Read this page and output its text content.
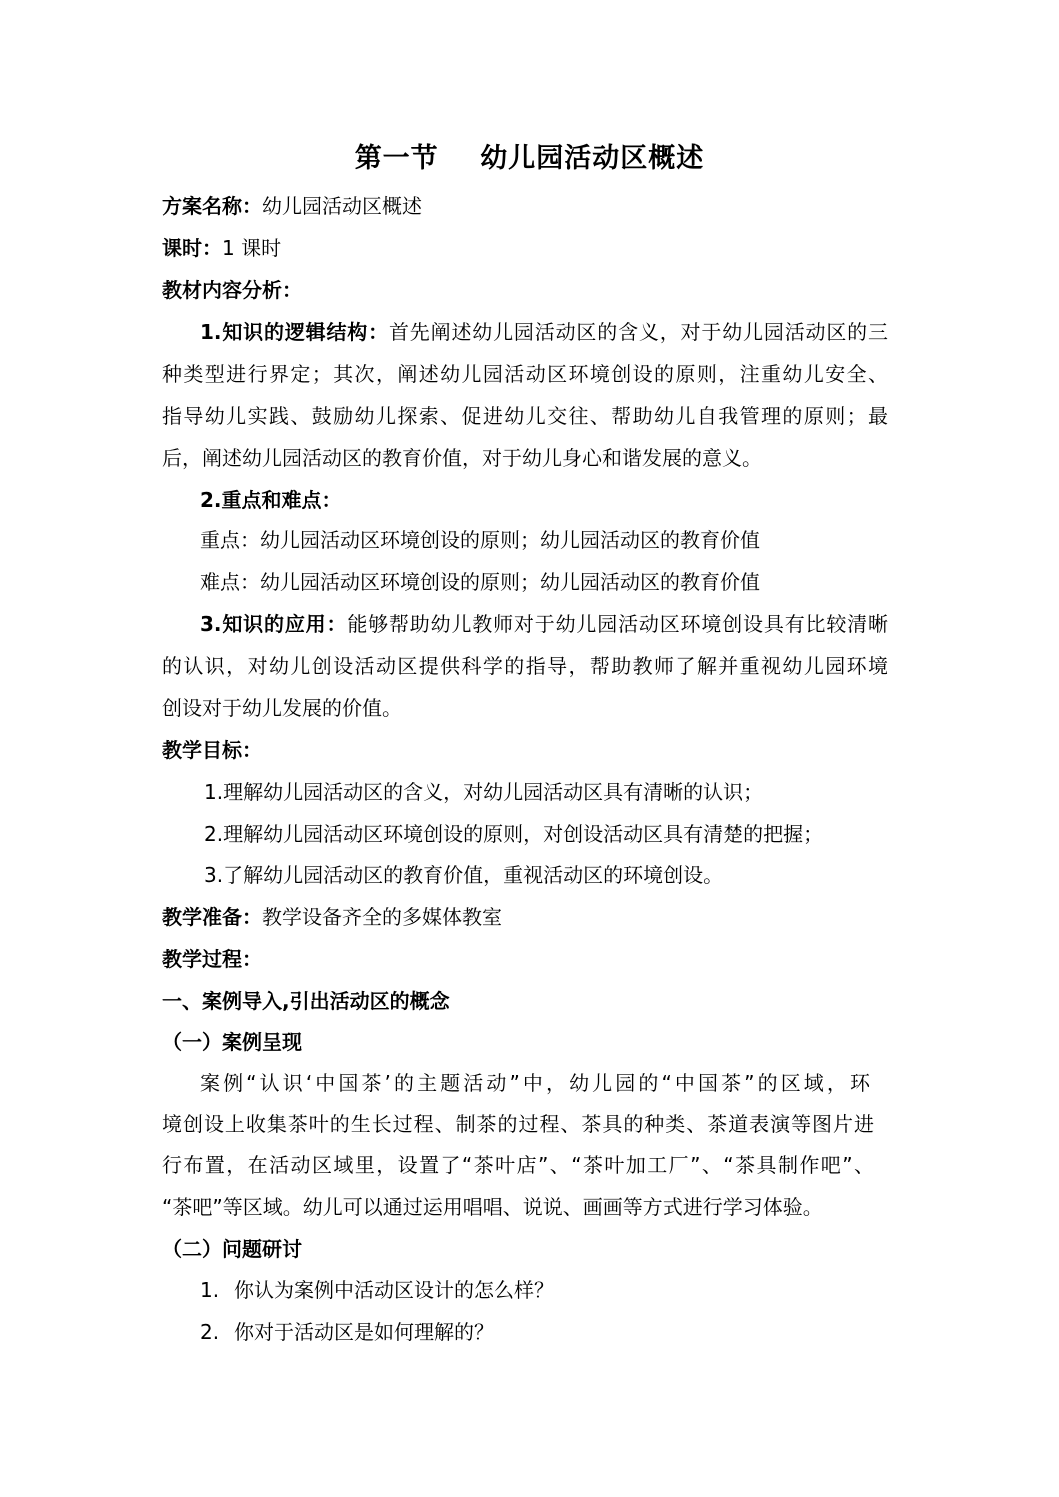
第一节    幼儿园活动区概述
方案名称：幼儿园活动区概述
课时：1 课时
教材内容分析：
1.知识的逻辑结构：首先阐述幼儿园活动区的含义，对于幼儿园活动区的三
种类型进行界定；其次，阐述幼儿园活动区环境创设的原则，注重幼儿安全、
指导幼儿实践、鼓励幼儿探索、促进幼儿交往、帮助幼儿自我管理的原则；最
后，阐述幼儿园活动区的教育价值，对于幼儿身心和谐发展的意义。
2.重点和难点：
重点：幼儿园活动区环境创设的原则；幼儿园活动区的教育价值
难点：幼儿园活动区环境创设的原则；幼儿园活动区的教育价值
3.知识的应用：能够帮助幼儿教师对于幼儿园活动区环境创设具有比较清晰
的认识，对幼儿创设活动区提供科学的指导，帮助教师了解并重视幼儿园环境
创设对于幼儿发展的价值。
教学目标：
1.理解幼儿园活动区的含义，对幼儿园活动区具有清晰的认识；
2.理解幼儿园活动区环境创设的原则，对创设活动区具有清楚的把握；
3.了解幼儿园活动区的教育价值，重视活动区的环境创设。
教学准备：教学设备齐全的多媒体教室
教学过程：
一、案例导入,引出活动区的概念
（一）案例呈现
案例“认识‘中国茶’的主题活动”中，幼儿园的“中国茶”的区域，环
境创设上收集茶叶的生长过程、制茶的过程、茶具的种类、茶道表演等图片进
行布置，在活动区域里，设置了“茶叶店”、“茶叶加工厂”、“茶具制作吧”、
“茶吧”等区域。幼儿可以通过运用唱唱、说说、画画等方式进行学习体验。
（二）问题研讨
1. 你认为案例中活动区设计的怎么样？
2. 你对于活动区是如何理解的？
